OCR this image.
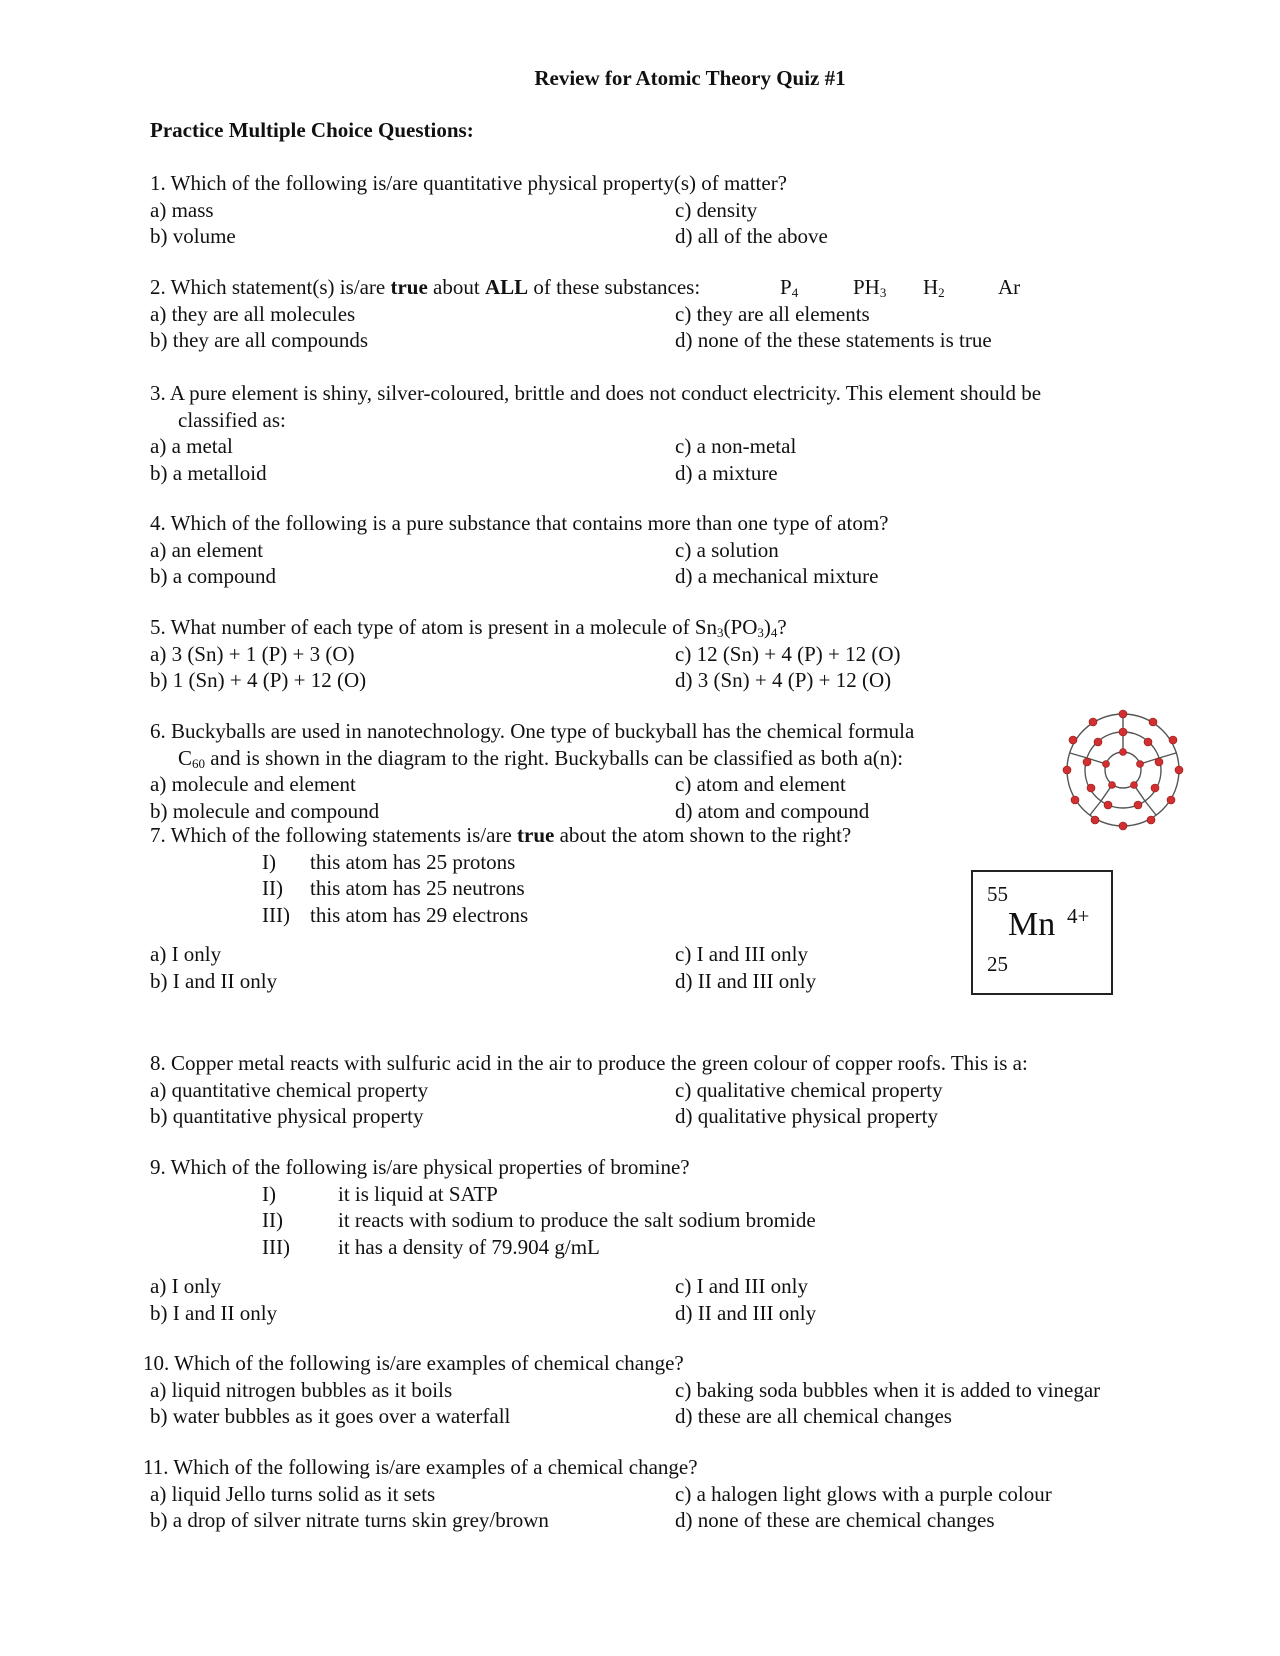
Review for Atomic Theory Quiz #1
Practice Multiple Choice Questions:
1. Which of the following is/are quantitative physical property(s) of matter?
a) mass	c) density
b) volume	d) all of the above
2. Which statement(s) is/are true about ALL of these substances:	$P_4$	$PH_3$ $H_2$	Ar
a) they are all molecules	c) they are all elements
b) they are all compounds	d) none of the these statements is true
3. A pure element is shiny, silver-coloured, brittle and does not conduct electricity. This element should be
classified as:
a) a metal	c) a non-metal
b) a metalloid	d) a mixture
4. Which of the following is a pure substance that contains more than one type of atom?
a) an element	c) a solution
b) a compound	d) a mechanical mixture
5. What number of each type of atom is present in a molecule of $Sn_3(PO_3)_4$?
a) 3 (Sn) + 1 (P) + 3 (O)	c) 12 (Sn) + 4 (P) + 12 (O)
b) 1 (Sn) + 4 (P) + 12 (O)	d) 3 (Sn) + 4 (P) + 12 (O)
6. Buckyballs are used in nanotechnology. One type of buckyball has the chemical formula
$C_{60}$ and is shown in the diagram to the right. Buckyballs can be classified as both a(n):
a) molecule and element	c) atom and element
b) molecule and compound	d) atom and compound
7. Which of the following statements is/are true about the atom shown to the right?
I) this atom has 25 protons
II) this atom has 25 neutrons
III) this atom has 29 electrons
a) I only	c) I and III only
b) I and II only	d) II and III only
55
Mn 4+
25
8. Copper metal reacts with sulfuric acid in the air to produce the green colour of copper roofs. This is a:
a) quantitative chemical property	c) qualitative chemical property
b) quantitative physical property	d) qualitative physical property
9. Which of the following is/are physical properties of bromine?
I)	it is liquid at SATP
II)	it reacts with sodium to produce the salt sodium bromide
III) it has a density of 79.904 g/mL
a) I only	c) I and III only
b) I and II only	d) II and III only
10. Which of the following is/are examples of chemical change?
a) liquid nitrogen bubbles as it boils	c) baking soda bubbles when it is added to vinegar
b) water bubbles as it goes over a waterfall	d) these are all chemical changes
11. Which of the following is/are examples of a chemical change?
a) liquid Jello turns solid as it sets	c) a halogen light glows with a purple colour
b) a drop of silver nitrate turns skin grey/brown	d) none of these are chemical changes
